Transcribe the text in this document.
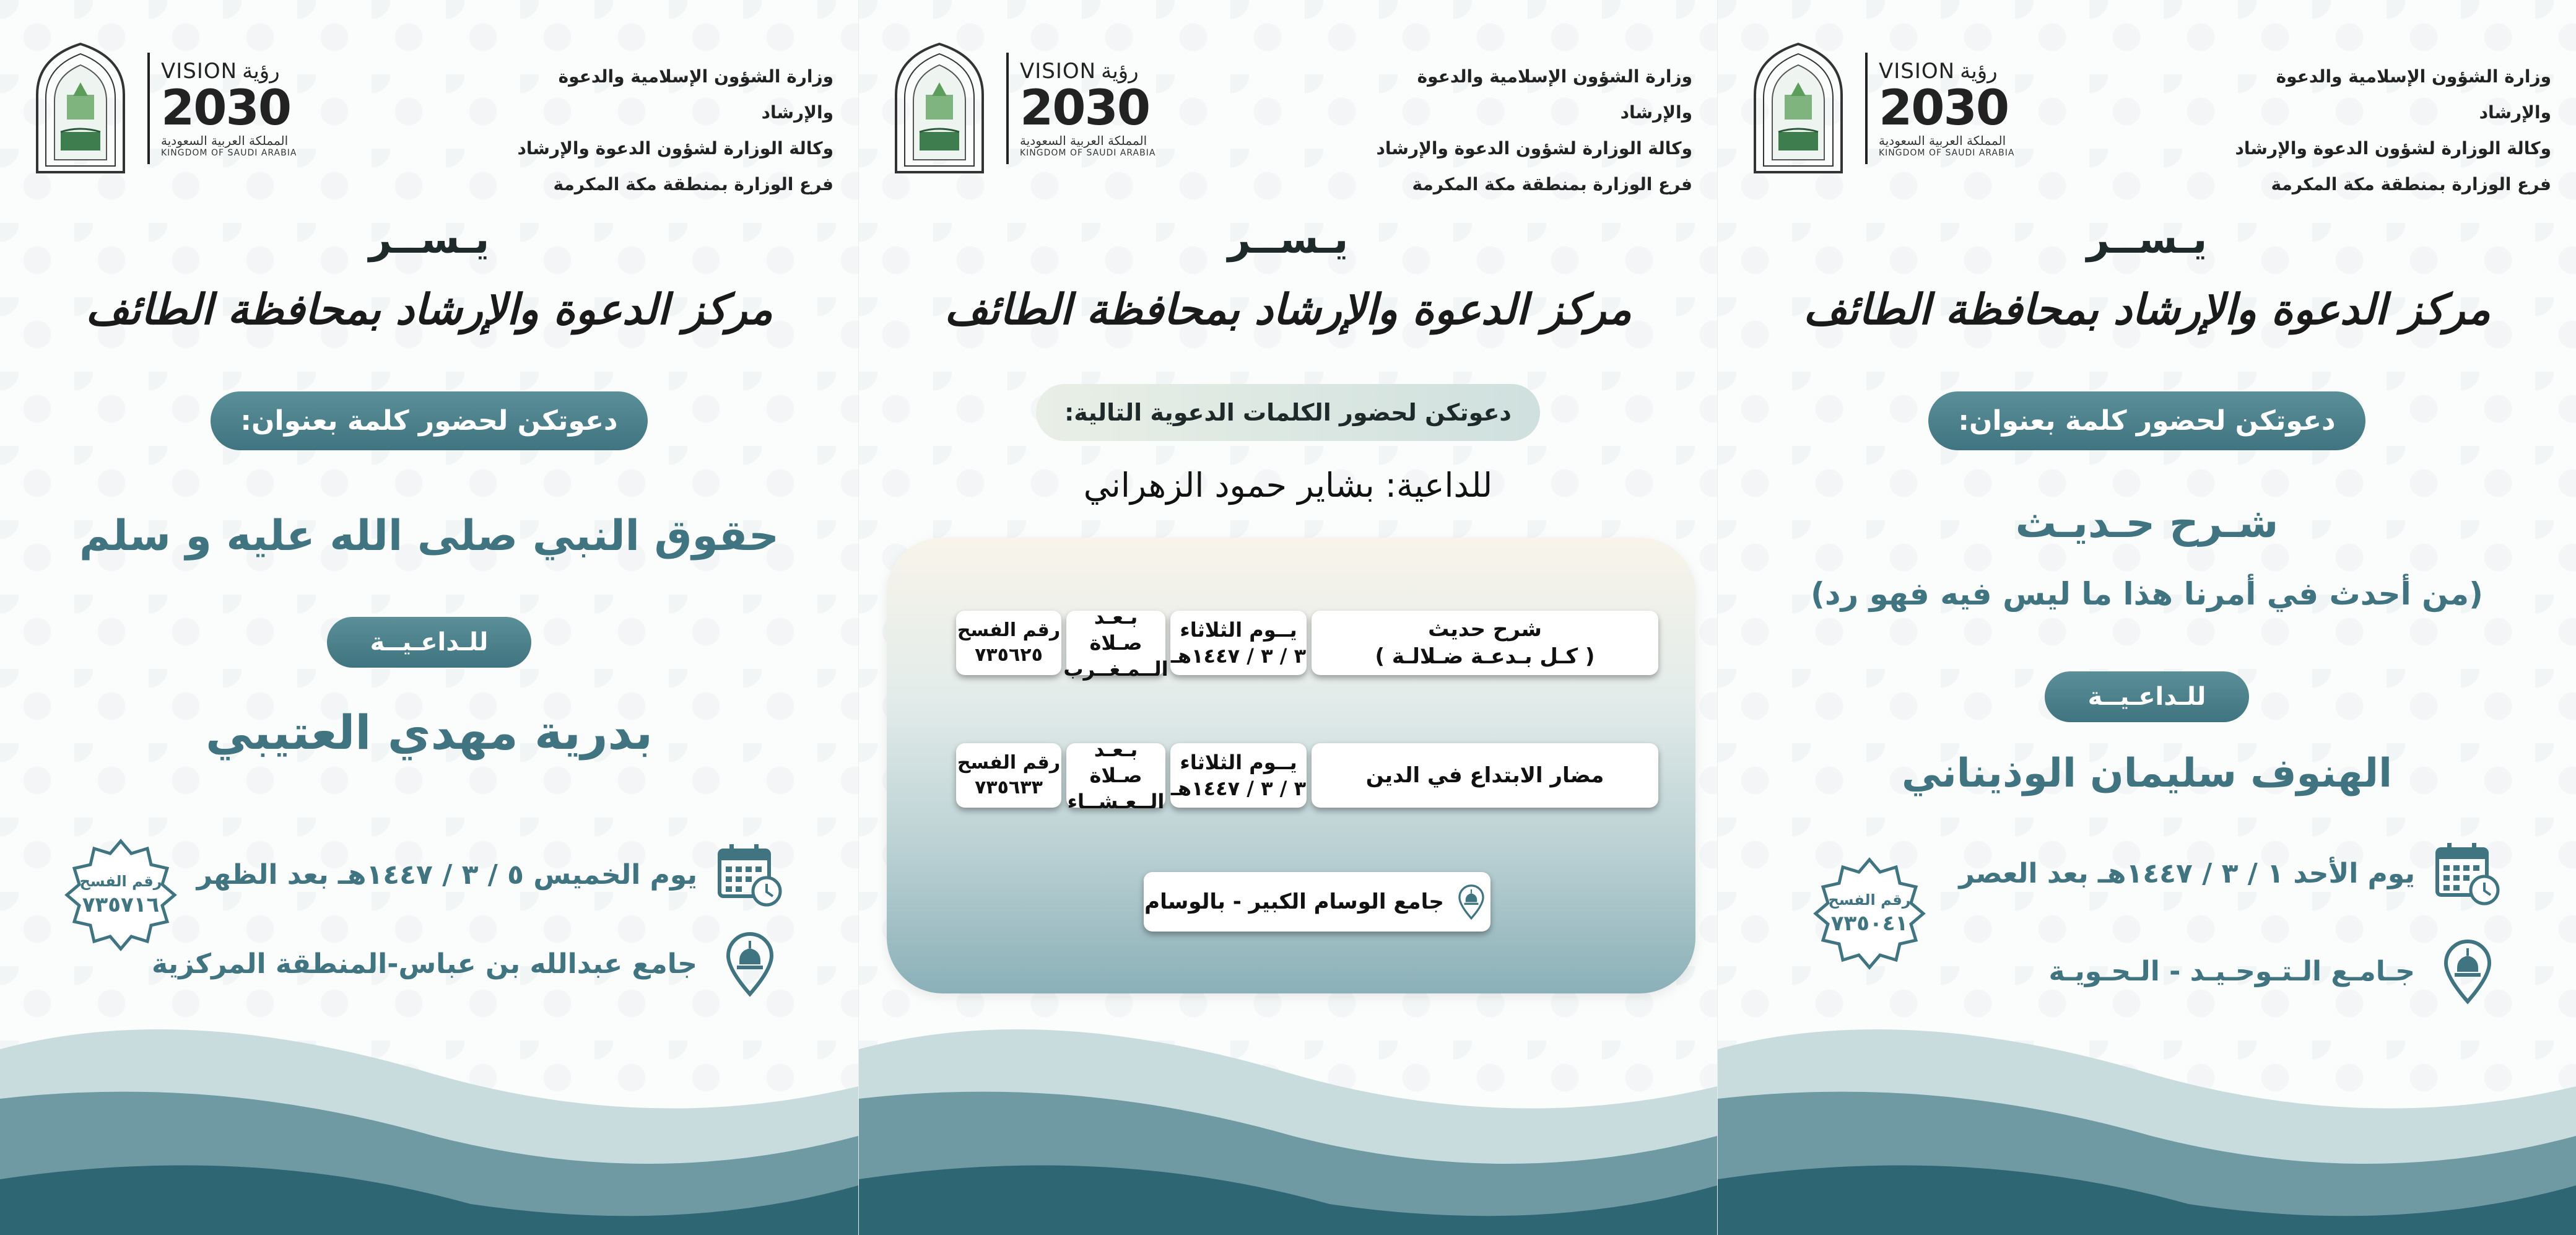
VISION رؤية
2030
المملكة العربية السعودية
KINGDOM OF SAUDI ARABIA
وزارة الشؤون الإسلامية والدعوة والإرشاد
وكالة الوزارة لشؤون الدعوة والإرشاد
فرع الوزارة بمنطقة مكة المكرمة
يـســر
مركز الدعوة والإرشاد بمحافظة الطائف
دعوتكن لحضور كلمة بعنوان:
حقوق النبي صلى الله عليه و سلم
للـداعـيــة
بدرية مهدي العتيبي
يوم الخميس ٥ / ٣ / ١٤٤٧هـ بعد الظهر
جامع عبدالله بن عباس-المنطقة المركزية
رقم الفسح
٧٣٥٧١٦
VISION رؤية
2030
المملكة العربية السعودية
KINGDOM OF SAUDI ARABIA
وزارة الشؤون الإسلامية والدعوة والإرشاد
وكالة الوزارة لشؤون الدعوة والإرشاد
فرع الوزارة بمنطقة مكة المكرمة
يـســر
مركز الدعوة والإرشاد بمحافظة الطائف
دعوتكن لحضور الكلمات الدعوية التالية:
للداعية: بشاير حمود الزهراني
شرح حديث
( كـل بـدعـة ضـلالـة )
يــوم الثلاثاء
٣ / ٣ / ١٤٤٧هـ
بـعـد صـلاة
الــمـغــرب
رقم الفسح
٧٣٥٦٢٥
مضار الابتداع في الدين
يــوم الثلاثاء
٣ / ٣ / ١٤٤٧هـ
بـعـد صـلاة
الــعـشــاء
رقم الفسح
٧٣٥٦٣٣
جامع الوسام الكبير - بالوسام
VISION رؤية
2030
المملكة العربية السعودية
KINGDOM OF SAUDI ARABIA
وزارة الشؤون الإسلامية والدعوة والإرشاد
وكالة الوزارة لشؤون الدعوة والإرشاد
فرع الوزارة بمنطقة مكة المكرمة
يـســر
مركز الدعوة والإرشاد بمحافظة الطائف
دعوتكن لحضور كلمة بعنوان:
شـرح حـديـث
(من أحدث في أمرنا هذا ما ليس فيه فهو رد)
للـداعـيــة
الهنوف سليمان الوذيناني
يوم الأحد ١ / ٣ / ١٤٤٧هـ بعد العصر
جـامـع الـتـوحـيـد - الـحـويـة
رقم الفسح
٧٣٥٠٤١
